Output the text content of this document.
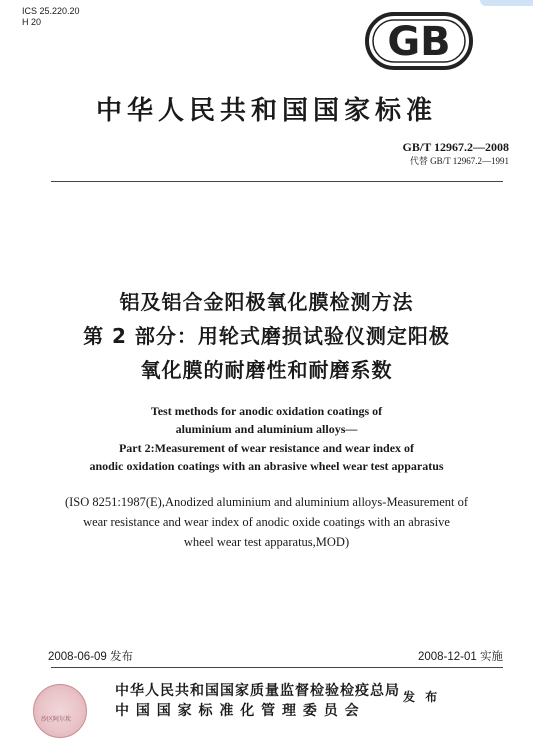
ICS 25.220.20
H 20	GB
中华人民共和国国家标准
GB/T 12967.2—2008
代替 GB/T 12967.2—1991
铝及铝合金阳极氧化膜检测方法
第 2 部分：用轮式磨损试验仪测定阳极
氧化膜的耐磨性和耐磨系数
Test methods for anodic oxidation coatings of
aluminium and aluminium alloys—
Part 2:Measurement of wear resistance and wear index of
anodic oxidation coatings with an abrasive wheel wear test apparatus
(ISO 8251:1987(E),Anodized aluminium and aluminium alloys-Measurement of
wear resistance and wear index of anodic oxide coatings with an abrasive
wheel wear test apparatus,MOD)
2008-06-09 发布	2008-12-01 实施
沙区阿尔坎
中华人民共和国国家质量监督检验检疫总局
中 国 国 家 标 准 化 管 理 委 员 会
发 布
